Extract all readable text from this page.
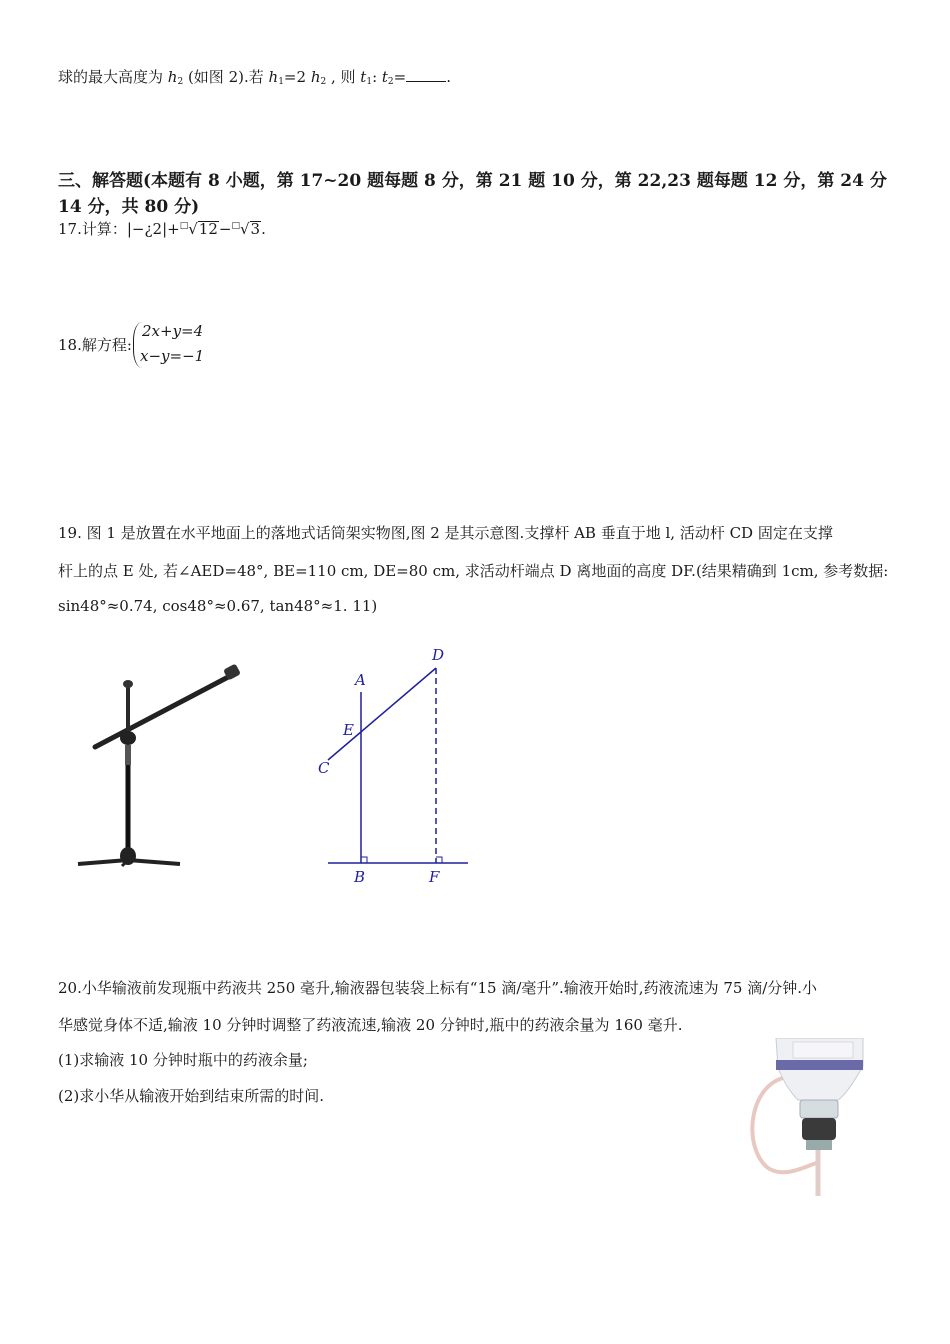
球的最大高度为 $h_2$ (如图 2).若 $h_1=2$ $h_2$ , 则 $t_1$: $t_2=$	.
三、解答题(本题有 8 小题，第 17~20 题每题 8 分，第 21 题 10 分，第 22,23 题每题 12 分，第 24 分 14 分，共 80 分)
17.计算：|−¿2|+□√12−□√3.
18.解方程:
2x+y=4
x−y=−1
19. 图 1 是放置在水平地面上的落地式话筒架实物图,图 2 是其示意图.支撑杆 AB 垂直于地 l, 活动杆 CD 固定在支撑
杆上的点 E 处, 若∠AED=48°, BE=110 cm, DE=80 cm, 求活动杆端点 D 离地面的高度 DF.(结果精确到 1cm, 参考数据:
sin48°≈0.74, cos48°≈0.67, tan48°≈1. 11)
A
E
C
D
B	F
20.小华输液前发现瓶中药液共 250 毫升,输液器包装袋上标有“15 滴/毫升”.输液开始时,药液流速为 75 滴/分钟.小
华感觉身体不适,输液 10 分钟时调整了药液流速,输液 20 分钟时,瓶中的药液余量为 160 毫升.
(1)求输液 10 分钟时瓶中的药液余量;
(2)求小华从输液开始到结束所需的时间.
